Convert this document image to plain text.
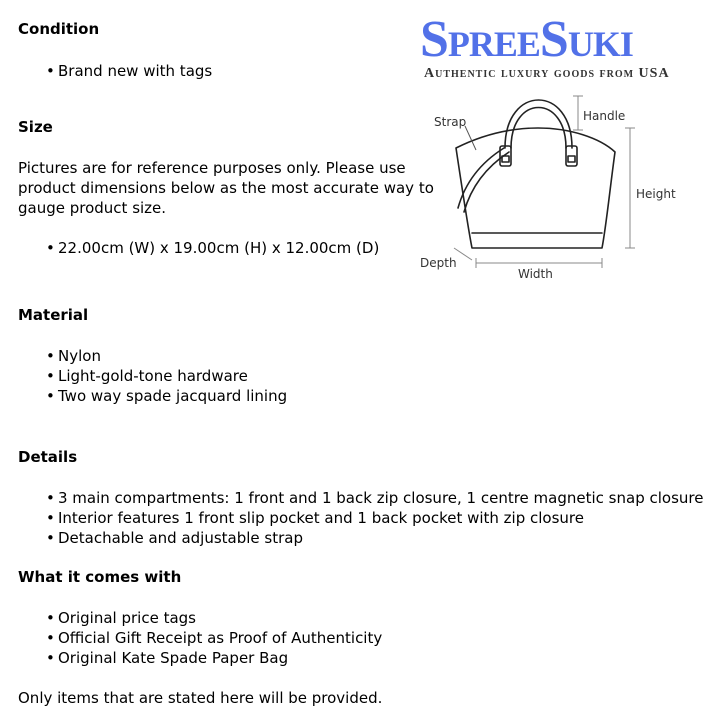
SpreeSuki
Authentic luxury goods from USA
Condition
• Brand new with tags
Size
Pictures are for reference purposes only. Please use
product dimensions below as the most accurate way to
gauge product size.
• 22.00cm (W) x 19.00cm (H) x 12.00cm (D)
Strap	Handle
Height
Width
Depth
Material
• Nylon
• Light-gold-tone hardware
• Two way spade jacquard lining
Details
• 3 main compartments: 1 front and 1 back zip closure, 1 centre magnetic snap closure
• Interior features 1 front slip pocket and 1 back pocket with zip closure
• Detachable and adjustable strap
What it comes with
• Original price tags
• Official Gift Receipt as Proof of Authenticity
• Original Kate Spade Paper Bag
Only items that are stated here will be provided.
